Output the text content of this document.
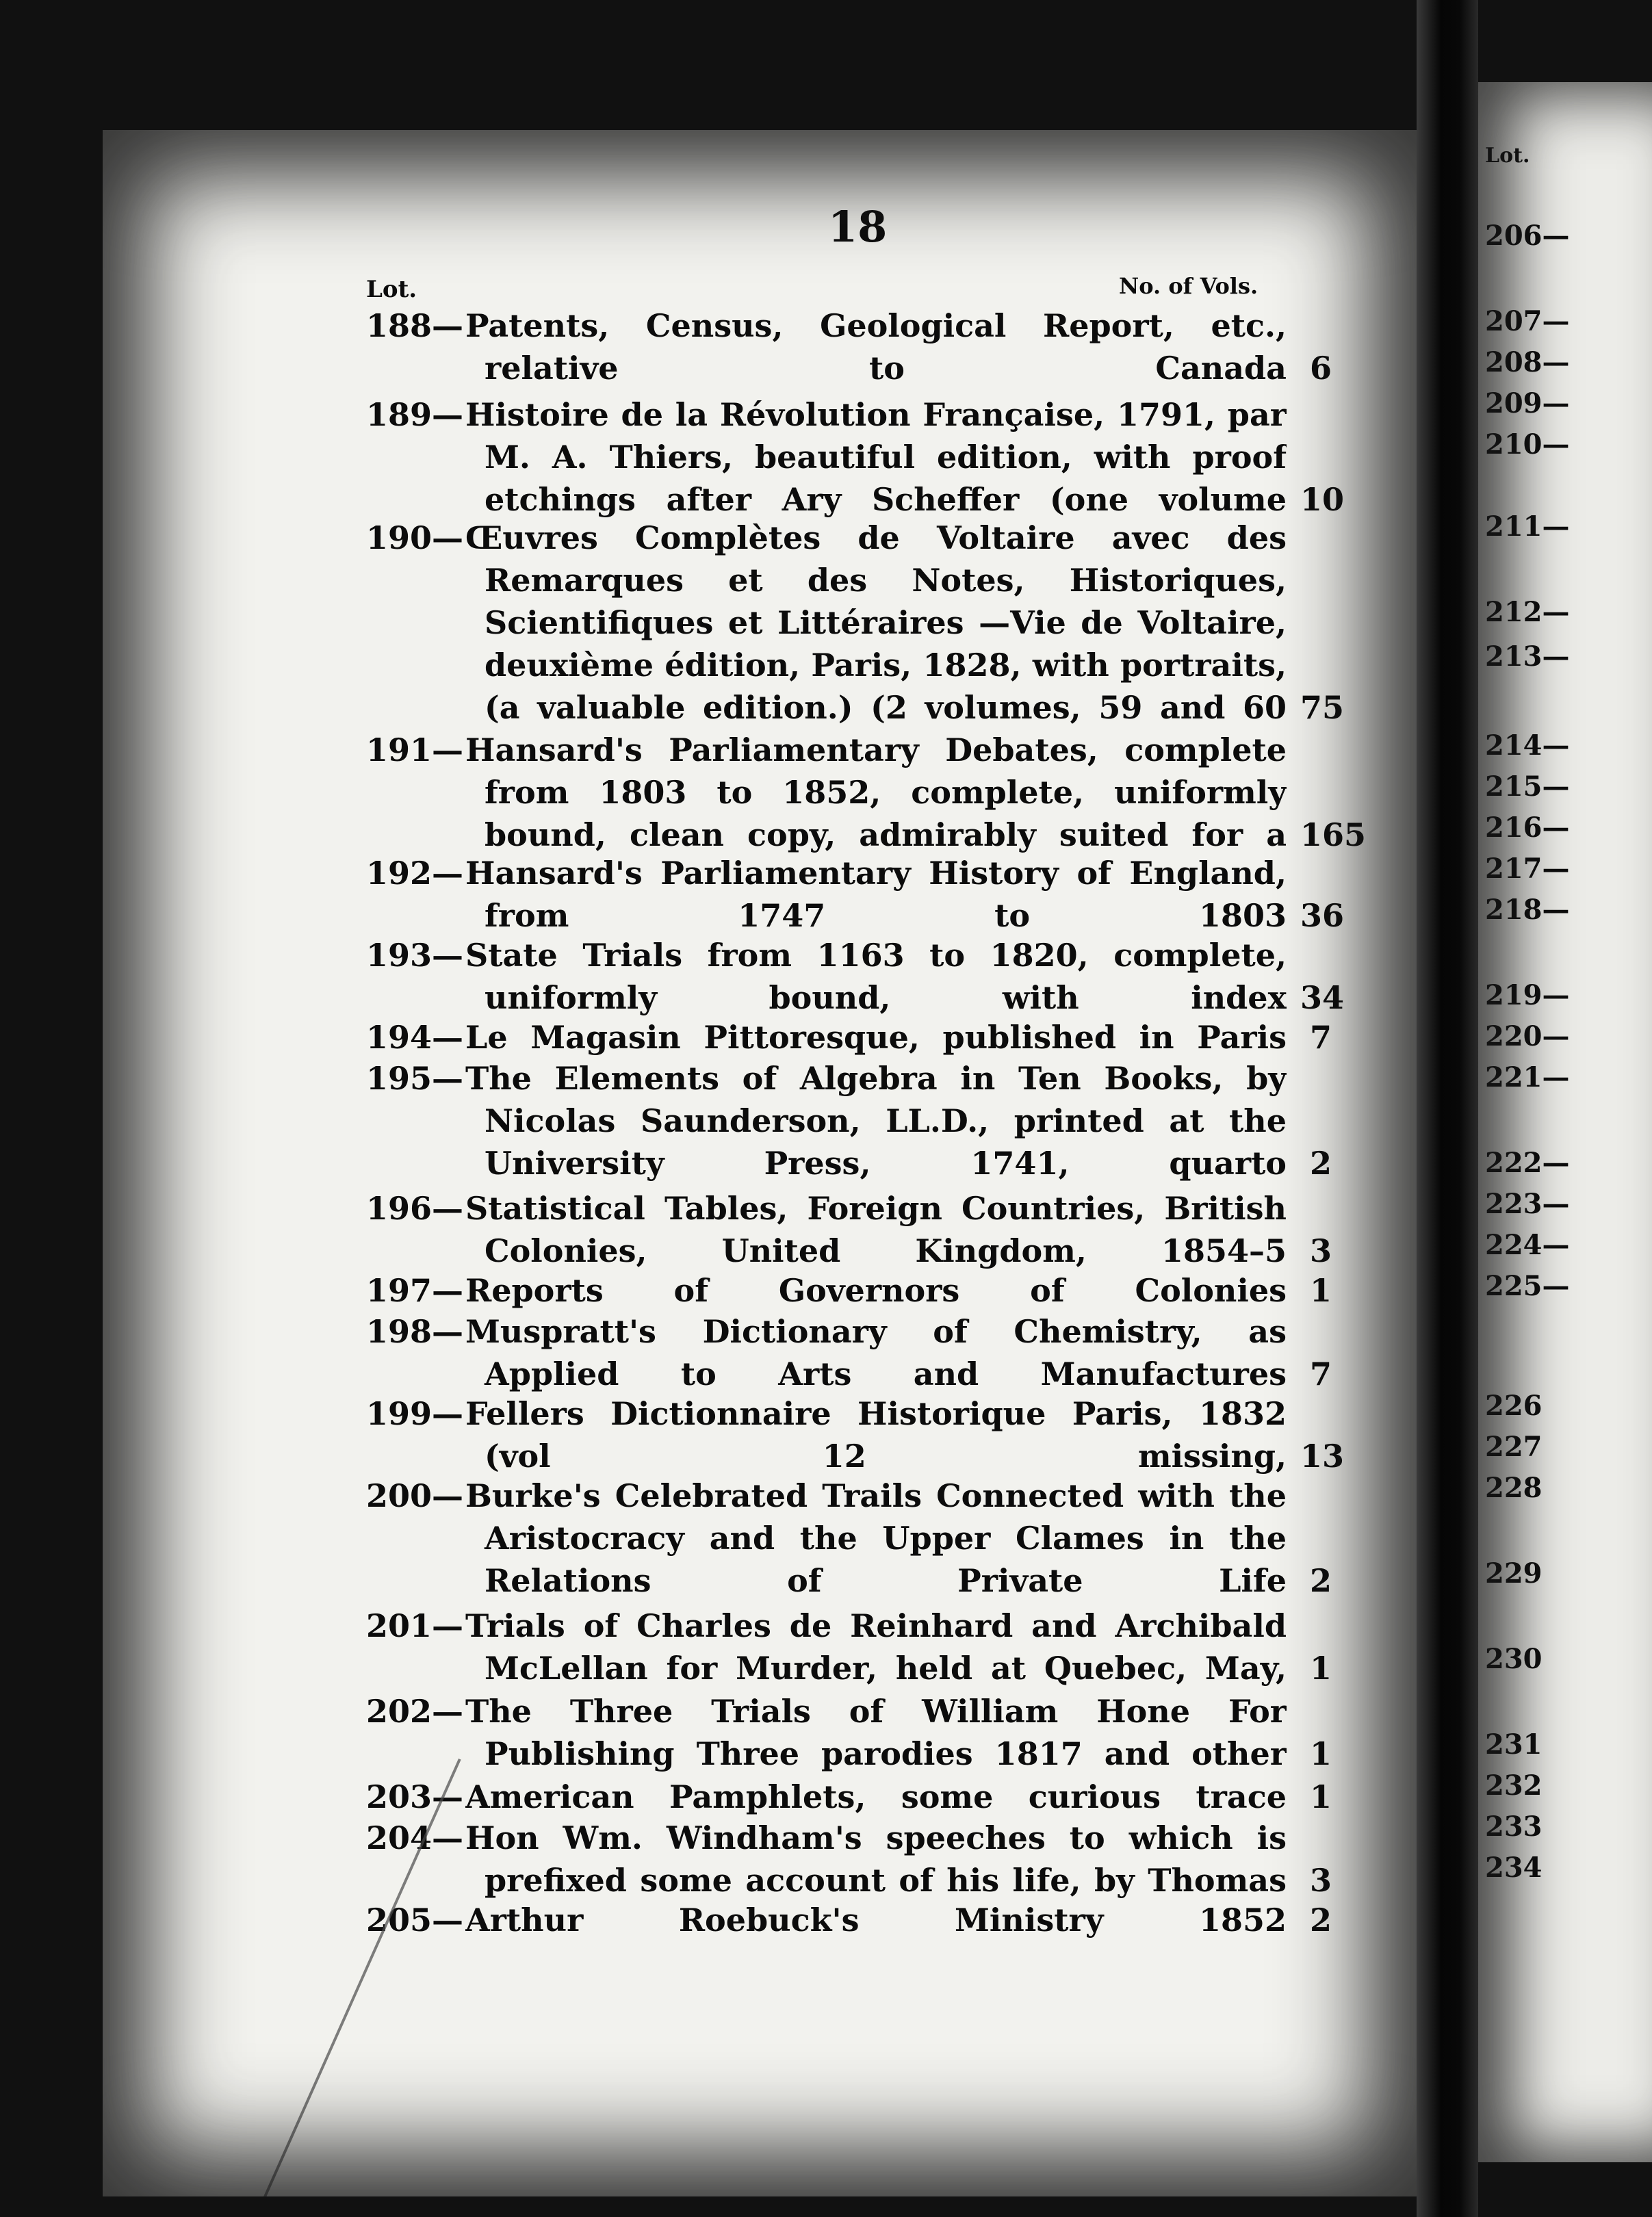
18
Lot.	No. of Vols.
188— Patents, Census, Geological Report, etc., relative to Canada ..... 6
189— Histoire de la Révolution Française, 1791, par M. A. Thiers, beautiful edition, with proof etchings after Ary Scheffer (one volume ..... 10
190— Œuvres Complètes de Voltaire avec des Remarques et des Notes, Historiques, Scientifiques et Littéraires —Vie de Voltaire, deuxième édition, Paris, 1828, with portraits, (a valuable edition.) (2 volumes, 59 and 60 ..... 75
191— Hansard's Parliamentary Debates, complete from 1803 to 1852, complete, uniformly bound, clean copy, admirably suited for a ..... 165
192— Hansard's Parliamentary History of England, from 1747 to 1803 ..... 36
193— State Trials from 1163 to 1820, complete, uniformly bound, with index ..... 34
194— Le Magasin Pittoresque, published in Paris ..... 7
195— The Elements of Algebra in Ten Books, by Nicolas Saunderson, LL.D., printed at the University Press, 1741, quarto ..... 2
196— Statistical Tables, Foreign Countries, British Colonies, United Kingdom, 1854–5 ..... 3
197— Reports of Governors of Colonies ..... 1
198— Muspratt's Dictionary of Chemistry, as Applied to Arts and Manufactures ..... 7
199— Fellers Dictionnaire Historique Paris, 1832 (vol 12 missing, ..... 13
200— Burke's Celebrated Trails Connected with the Aristocracy and the Upper Clames in the Relations of Private Life ..... 2
201— Trials of Charles de Reinhard and Archibald McLellan for Murder, held at Quebec, May, ..... 1
202— The Three Trials of William Hone For Publishing Three parodies 1817 and other ..... 1
203— American Pamphlets, some curious trace ..... 1
204— Hon Wm. Windham's speeches to which is prefixed some account of his life, by Thomas ..... 3
205— Arthur Roebuck's Ministry 1852 ..... 2
Lot.
206—
207—
208—
209—
210—
211—
212—
213—
214—
215—
216—
217—
218—
219—
220—
221—
222—
223—
224—
225—
226
227
228
229
230
231
232
233
234
